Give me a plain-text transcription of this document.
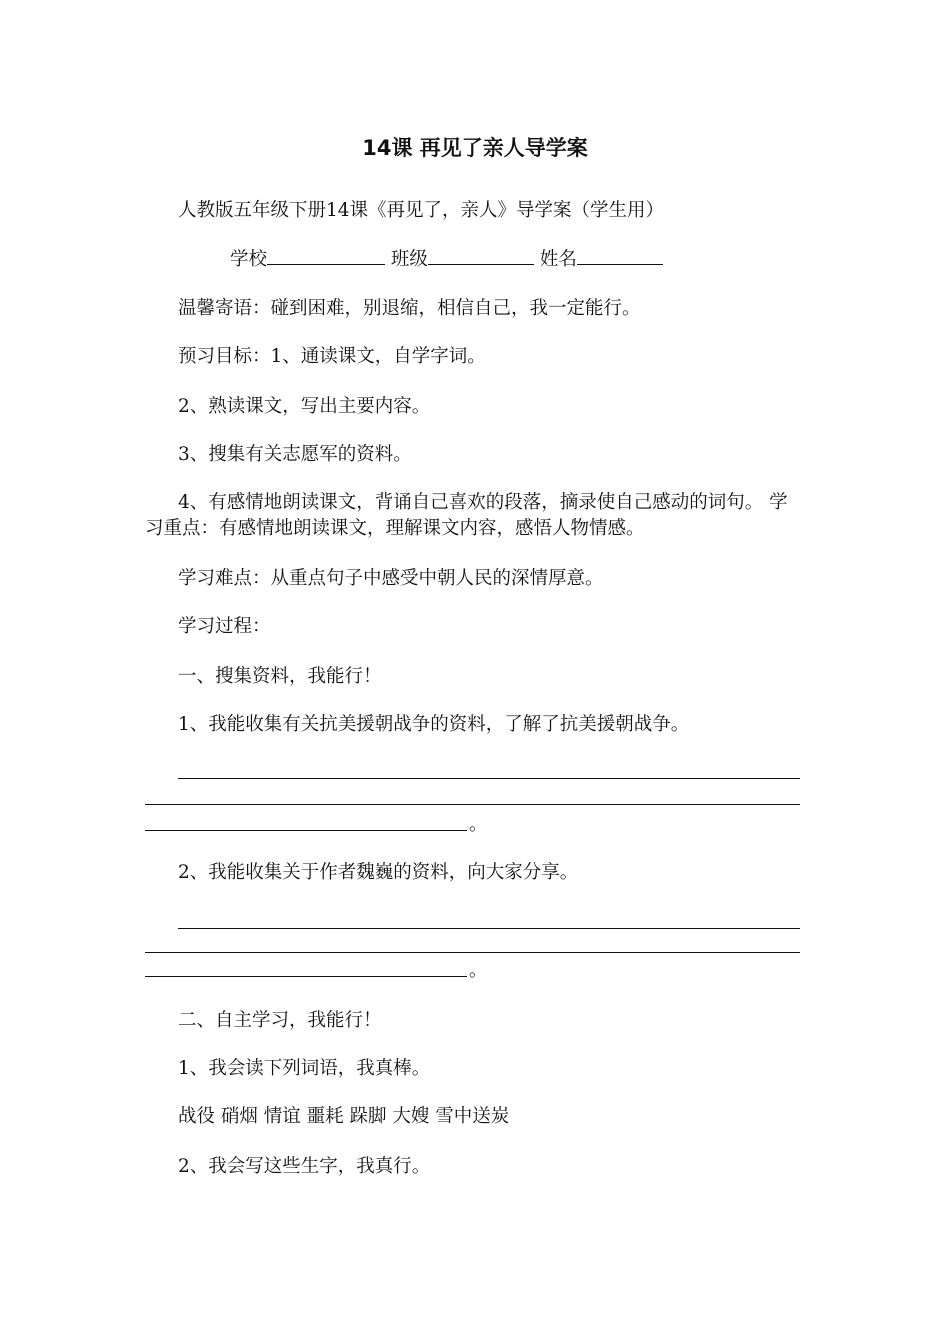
14课 再见了亲人导学案
人教版五年级下册14课《再见了，亲人》导学案（学生用）
学校	班级	姓名
温馨寄语：碰到困难，别退缩，相信自己，我一定能行。
预习目标：1、通读课文，自学字词。
2、熟读课文，写出主要内容。
3、搜集有关志愿军的资料。
4、有感情地朗读课文，背诵自己喜欢的段落，摘录使自己感动的词句。 学习重点：有感情地朗读课文，理解课文内容，感悟人物情感。
学习难点：从重点句子中感受中朝人民的深情厚意。
学习过程：
一、搜集资料，我能行！
1、我能收集有关抗美援朝战争的资料，了解了抗美援朝战争。
。
2、我能收集关于作者魏巍的资料，向大家分享。
。
二、自主学习，我能行！
1、我会读下列词语，我真棒。
战役 硝烟 情谊 噩耗 跺脚 大嫂 雪中送炭
2、我会写这些生字，我真行。
